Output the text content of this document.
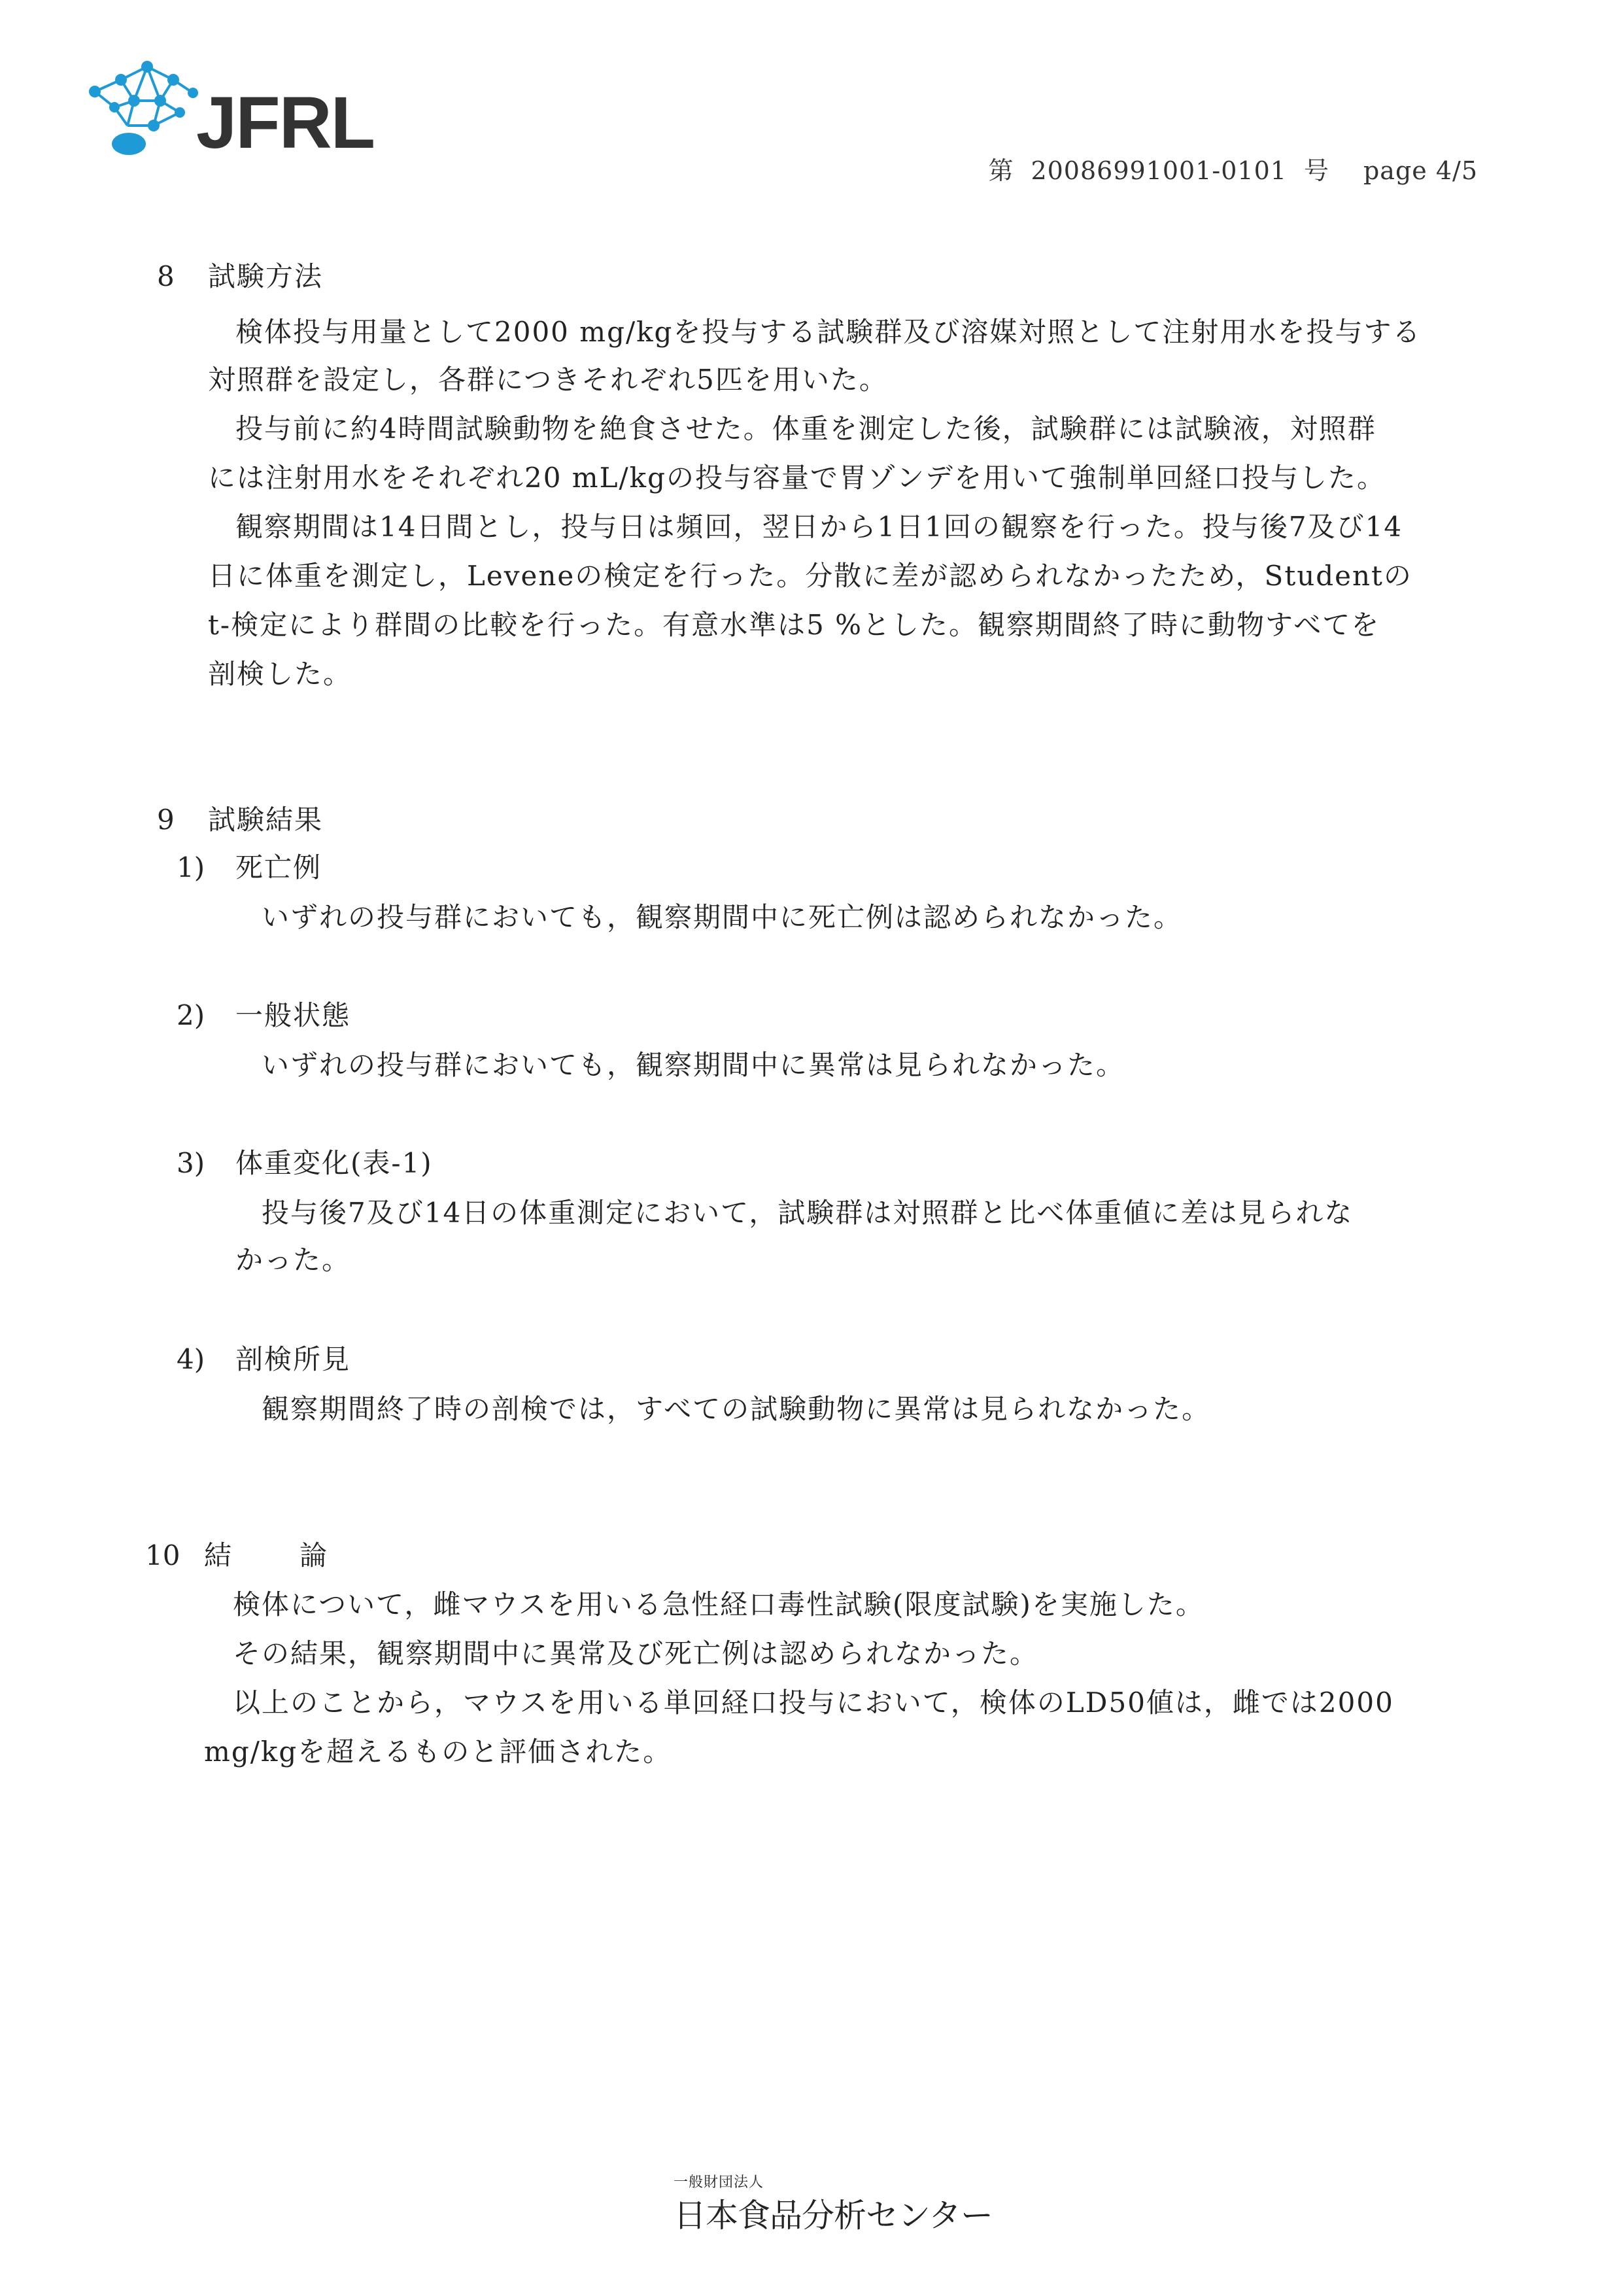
JFRL
第 20086991001-0101 号 page 4/5
8 試験方法
検体投与用量として2000 mg/kgを投与する試験群及び溶媒対照として注射用水を投与する
対照群を設定し，各群につきそれぞれ5匹を用いた。
投与前に約4時間試験動物を絶食させた。体重を測定した後，試験群には試験液，対照群
には注射用水をそれぞれ20 mL/kgの投与容量で胃ゾンデを用いて強制単回経口投与した。
観察期間は14日間とし，投与日は頻回，翌日から1日1回の観察を行った。投与後7及び14
日に体重を測定し，Leveneの検定を行った。分散に差が認められなかったため，Studentの
t-検定により群間の比較を行った。有意水準は5 %とした。観察期間終了時に動物すべてを
剖検した。
9 試験結果
1) 死亡例
いずれの投与群においても，観察期間中に死亡例は認められなかった。
2) 一般状態
いずれの投与群においても，観察期間中に異常は見られなかった。
3) 体重変化(表-1)
投与後7及び14日の体重測定において，試験群は対照群と比べ体重値に差は見られな
かった。
4) 剖検所見
観察期間終了時の剖検では，すべての試験動物に異常は見られなかった。
10 結 論
検体について，雌マウスを用いる急性経口毒性試験(限度試験)を実施した。
その結果，観察期間中に異常及び死亡例は認められなかった。
以上のことから，マウスを用いる単回経口投与において，検体のLD50値は，雌では2000
mg/kgを超えるものと評価された。
一般財団法人
日本食品分析センター
